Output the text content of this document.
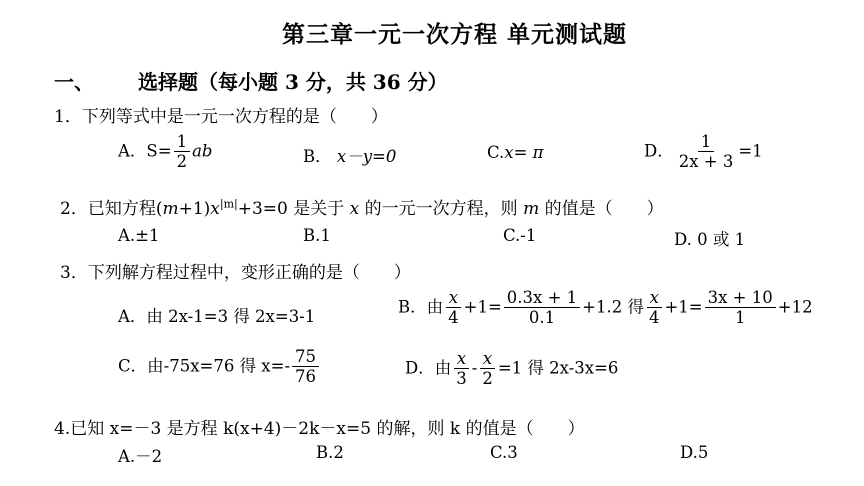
第三章一元一次方程 单元测试题
一、 选择题（每小题 3 分，共 36 分）
1．下列等式中是一元一次方程的是（　　）
A．$S= \frac{1}{2}$ ab	B． x－y=0	C.x= π	D． $\frac{1}{2x + 3} =1$
2．已知方程$(m+1)x^{|m|}+3=0$ 是关于 x 的一元一次方程，则 m 的值是（　　）
A.±1	B.1	C.-1	D. 0 或 1
3．下列解方程过程中，变形正确的是（　　）
A．由 2x-1=3 得 2x=3-1
B．由 $\frac{x}{4} +1= \frac{0.3x + 1}{0.1} +1.2$ 得 $\frac{x}{4} +1= \frac{3x + 10}{1} +12$
C．由-75x=76 得 $x=- \frac{75}{76}$	D．由 $\frac{x}{3} - \frac{x}{2} =1$ 得 2x-3x=6
4.已知 x=－3 是方程 k(x+4)－2k－x=5 的解，则 k 的值是（　　）
A.－2	B.2	C.3	D.5
